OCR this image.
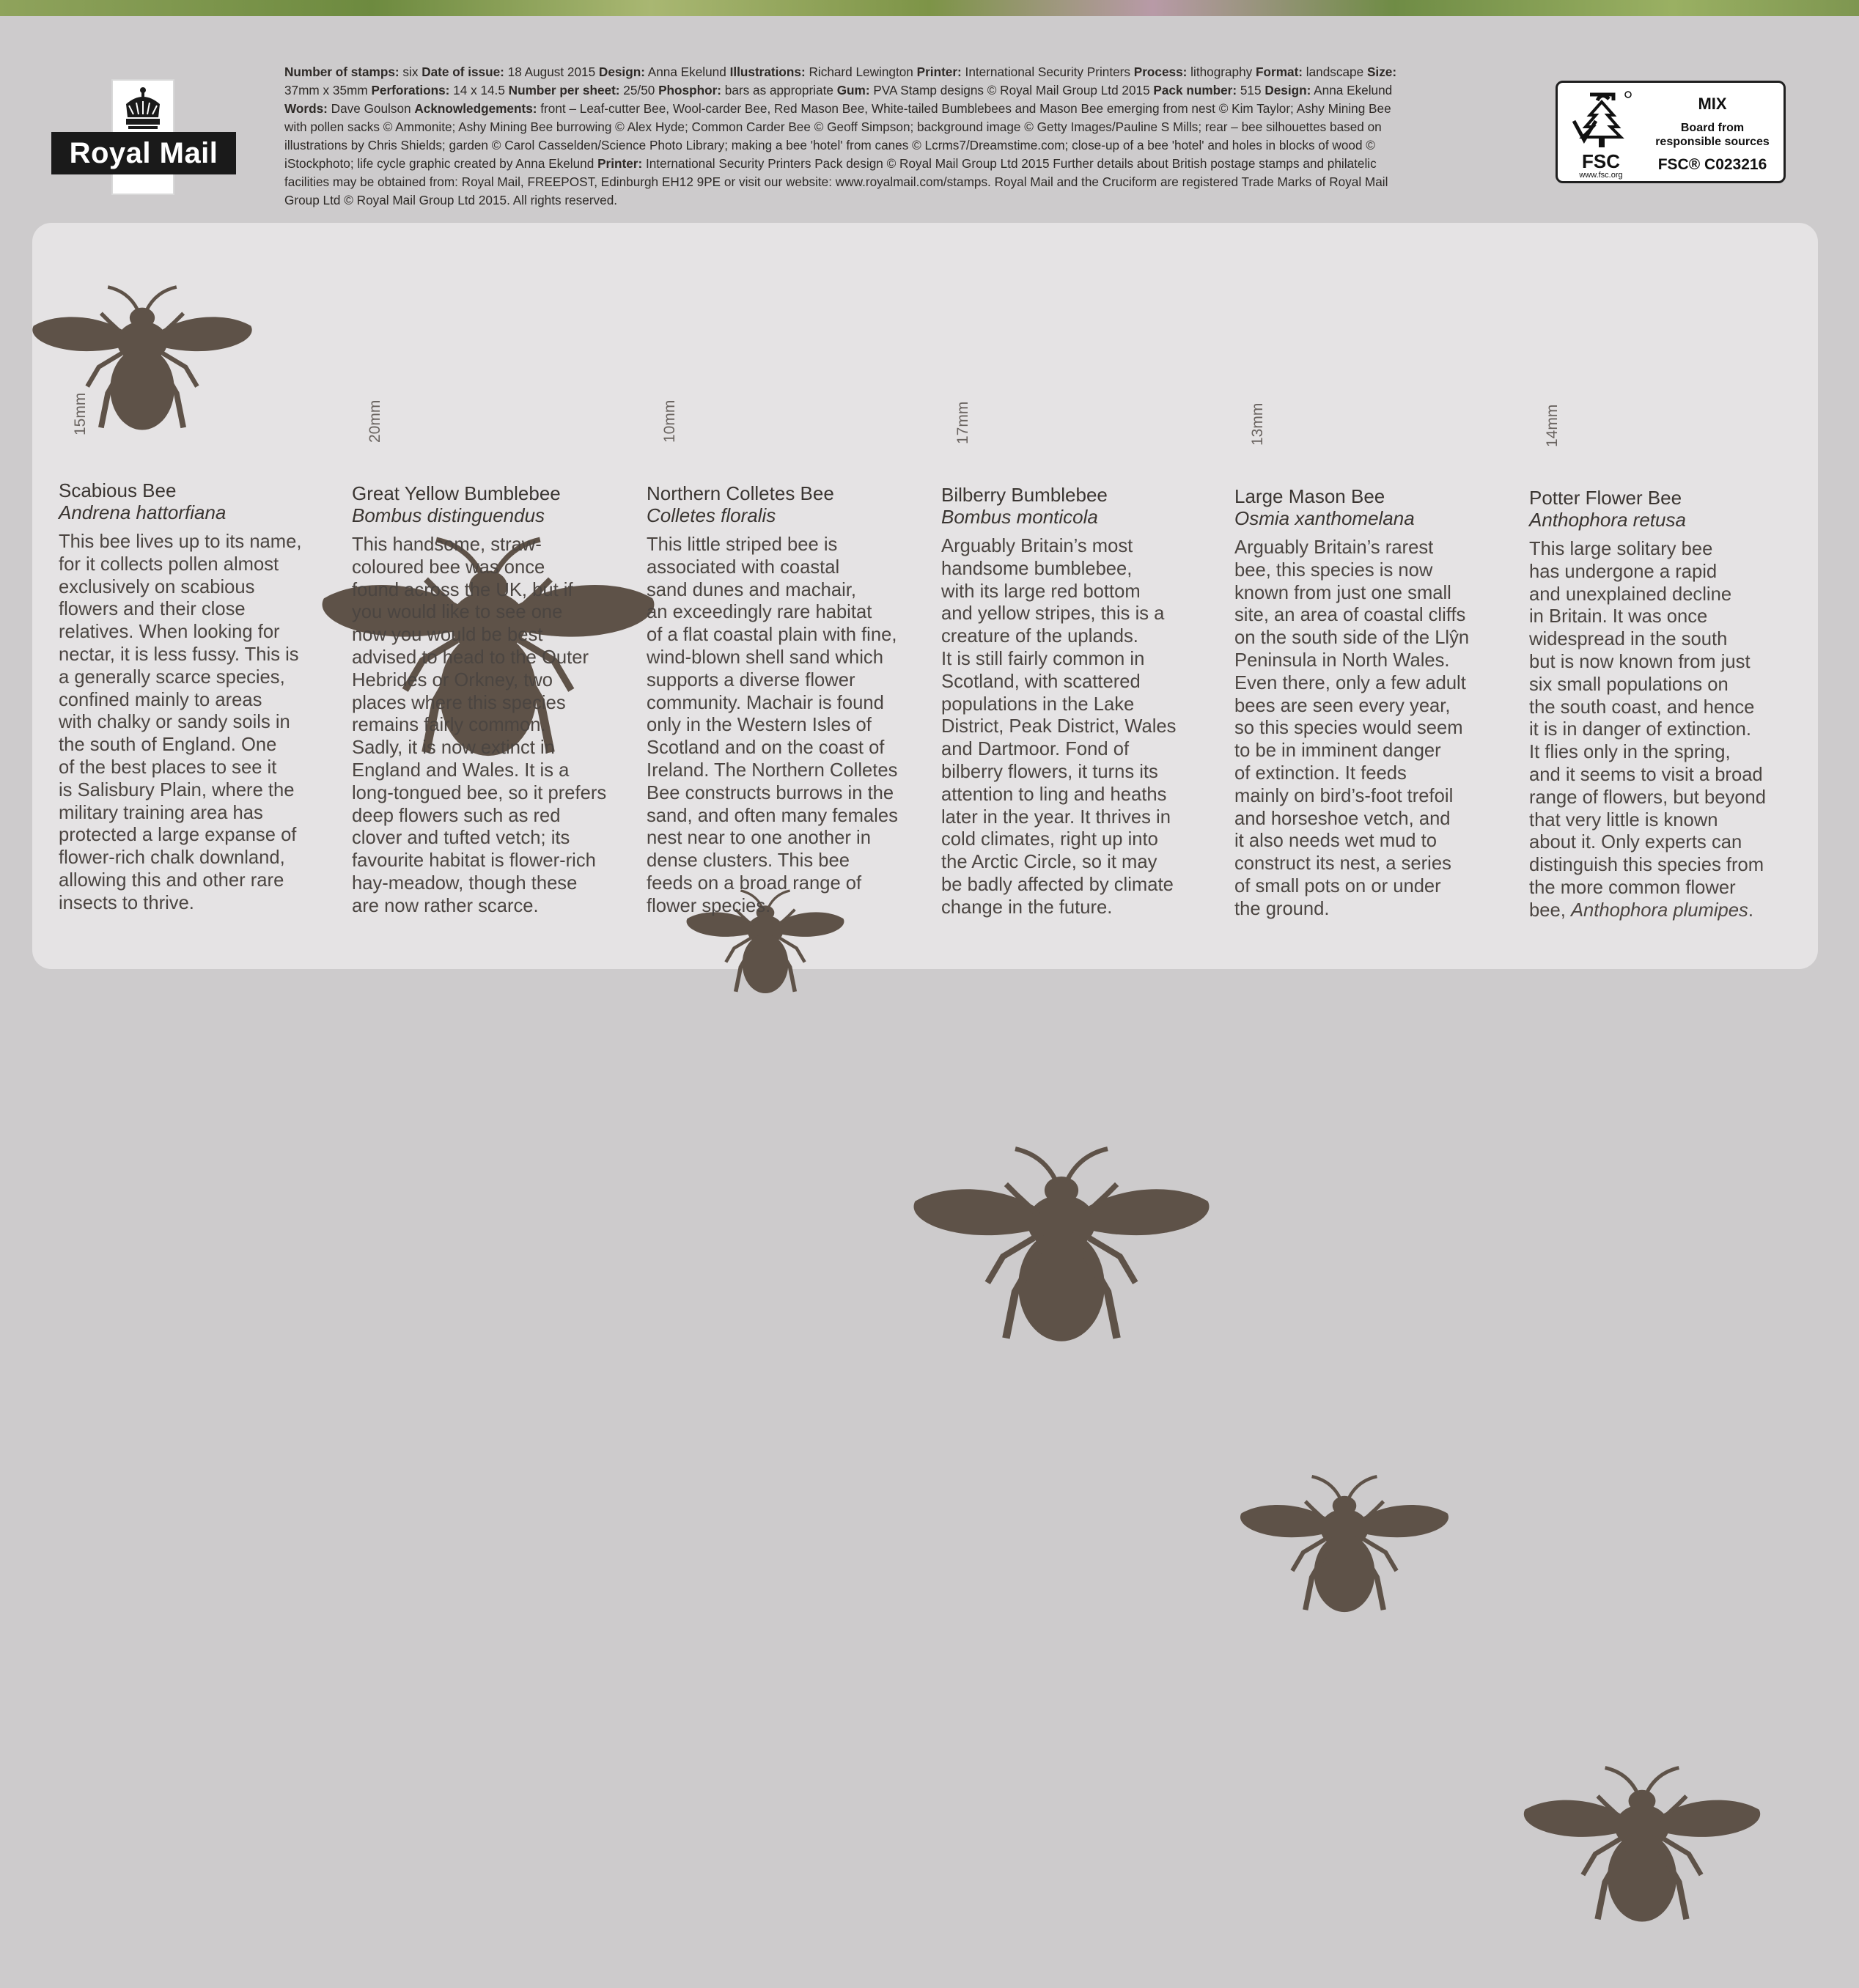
Royal Mail
Number of stamps: six Date of issue: 18 August 2015 Design: Anna Ekelund Illustrations: Richard Lewington Printer: International Security Printers Process: lithography Format: landscape Size:
37mm x 35mm Perforations: 14 x 14.5 Number per sheet: 25/50 Phosphor: bars as appropriate Gum: PVA Stamp designs © Royal Mail Group Ltd 2015 Pack number: 515 Design: Anna Ekelund
Words: Dave Goulson Acknowledgements: front – Leaf-cutter Bee, Wool-carder Bee, Red Mason Bee, White-tailed Bumblebees and Mason Bee emerging from nest © Kim Taylor; Ashy Mining Bee
with pollen sacks © Ammonite; Ashy Mining Bee burrowing © Alex Hyde; Common Carder Bee © Geoff Simpson; background image © Getty Images/Pauline S Mills; rear – bee silhouettes based on
illustrations by Chris Shields; garden © Carol Casselden/Science Photo Library; making a bee 'hotel' from canes © Lcrms7/Dreamstime.com; close-up of a bee 'hotel' and holes in blocks of wood ©
iStockphoto; life cycle graphic created by Anna Ekelund Printer: International Security Printers Pack design © Royal Mail Group Ltd 2015 Further details about British postage stamps and philatelic
facilities may be obtained from: Royal Mail, FREEPOST, Edinburgh EH12 9PE or visit our website: www.royalmail.com/stamps. Royal Mail and the Cruciform are registered Trade Marks of Royal Mail
Group Ltd © Royal Mail Group Ltd 2015. All rights reserved.
FSC
www.fsc.org
MIX
Board from
responsible sources
FSC® C023216
15mm
Scabious Bee
Andrena hattorfiana
This bee lives up to its name,
for it collects pollen almost
exclusively on scabious
flowers and their close
relatives. When looking for
nectar, it is less fussy. This is
a generally scarce species,
confined mainly to areas
with chalky or sandy soils in
the south of England. One
of the best places to see it
is Salisbury Plain, where the
military training area has
protected a large expanse of
flower-rich chalk downland,
allowing this and other rare
insects to thrive.
20mm
Great Yellow Bumblebee
Bombus distinguendus
This handsome, straw-
coloured bee was once
found across the UK, but if
you would like to see one
now you would be best
advised to head to the Outer
Hebrides or Orkney, two
places where this species
remains fairly common.
Sadly, it is now extinct in
England and Wales. It is a
long-tongued bee, so it prefers
deep flowers such as red
clover and tufted vetch; its
favourite habitat is flower-rich
hay-meadow, though these
are now rather scarce.
10mm
Northern Colletes Bee
Colletes floralis
This little striped bee is
associated with coastal
sand dunes and machair,
an exceedingly rare habitat
of a flat coastal plain with fine,
wind-blown shell sand which
supports a diverse flower
community. Machair is found
only in the Western Isles of
Scotland and on the coast of
Ireland. The Northern Colletes
Bee constructs burrows in the
sand, and often many females
nest near to one another in
dense clusters. This bee
feeds on a broad range of
flower species.
17mm
Bilberry Bumblebee
Bombus monticola
Arguably Britain’s most
handsome bumblebee,
with its large red bottom
and yellow stripes, this is a
creature of the uplands.
It is still fairly common in
Scotland, with scattered
populations in the Lake
District, Peak District, Wales
and Dartmoor. Fond of
bilberry flowers, it turns its
attention to ling and heaths
later in the year. It thrives in
cold climates, right up into
the Arctic Circle, so it may
be badly affected by climate
change in the future.
13mm
Large Mason Bee
Osmia xanthomelana
Arguably Britain’s rarest
bee, this species is now
known from just one small
site, an area of coastal cliffs
on the south side of the Llŷn
Peninsula in North Wales.
Even there, only a few adult
bees are seen every year,
so this species would seem
to be in imminent danger
of extinction. It feeds
mainly on bird’s-foot trefoil
and horseshoe vetch, and
it also needs wet mud to
construct its nest, a series
of small pots on or under
the ground.
14mm
Potter Flower Bee
Anthophora retusa
This large solitary bee
has undergone a rapid
and unexplained decline
in Britain. It was once
widespread in the south
but is now known from just
six small populations on
the south coast, and hence
it is in danger of extinction.
It flies only in the spring,
and it seems to visit a broad
range of flowers, but beyond
that very little is known
about it. Only experts can
distinguish this species from
the more common flower
bee, Anthophora plumipes.
